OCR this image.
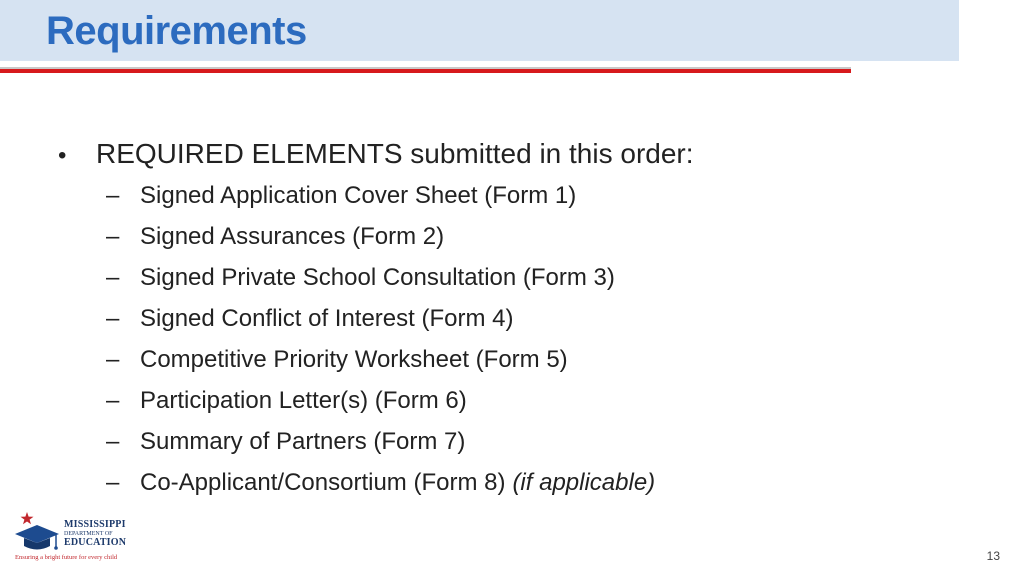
Requirements
•	REQUIRED ELEMENTS submitted in this order:
– Signed Application Cover Sheet (Form 1)
– Signed Assurances (Form 2)
– Signed Private School Consultation (Form 3)
– Signed Conflict of Interest (Form 4)
– Competitive Priority Worksheet (Form 5)
– Participation Letter(s) (Form 6)
– Summary of Partners (Form 7)
– Co-Applicant/Consortium (Form 8) (if applicable)
MISSISSIPPI
DEPARTMENT OF
EDUCATION
Ensuring a bright future for every child	13
